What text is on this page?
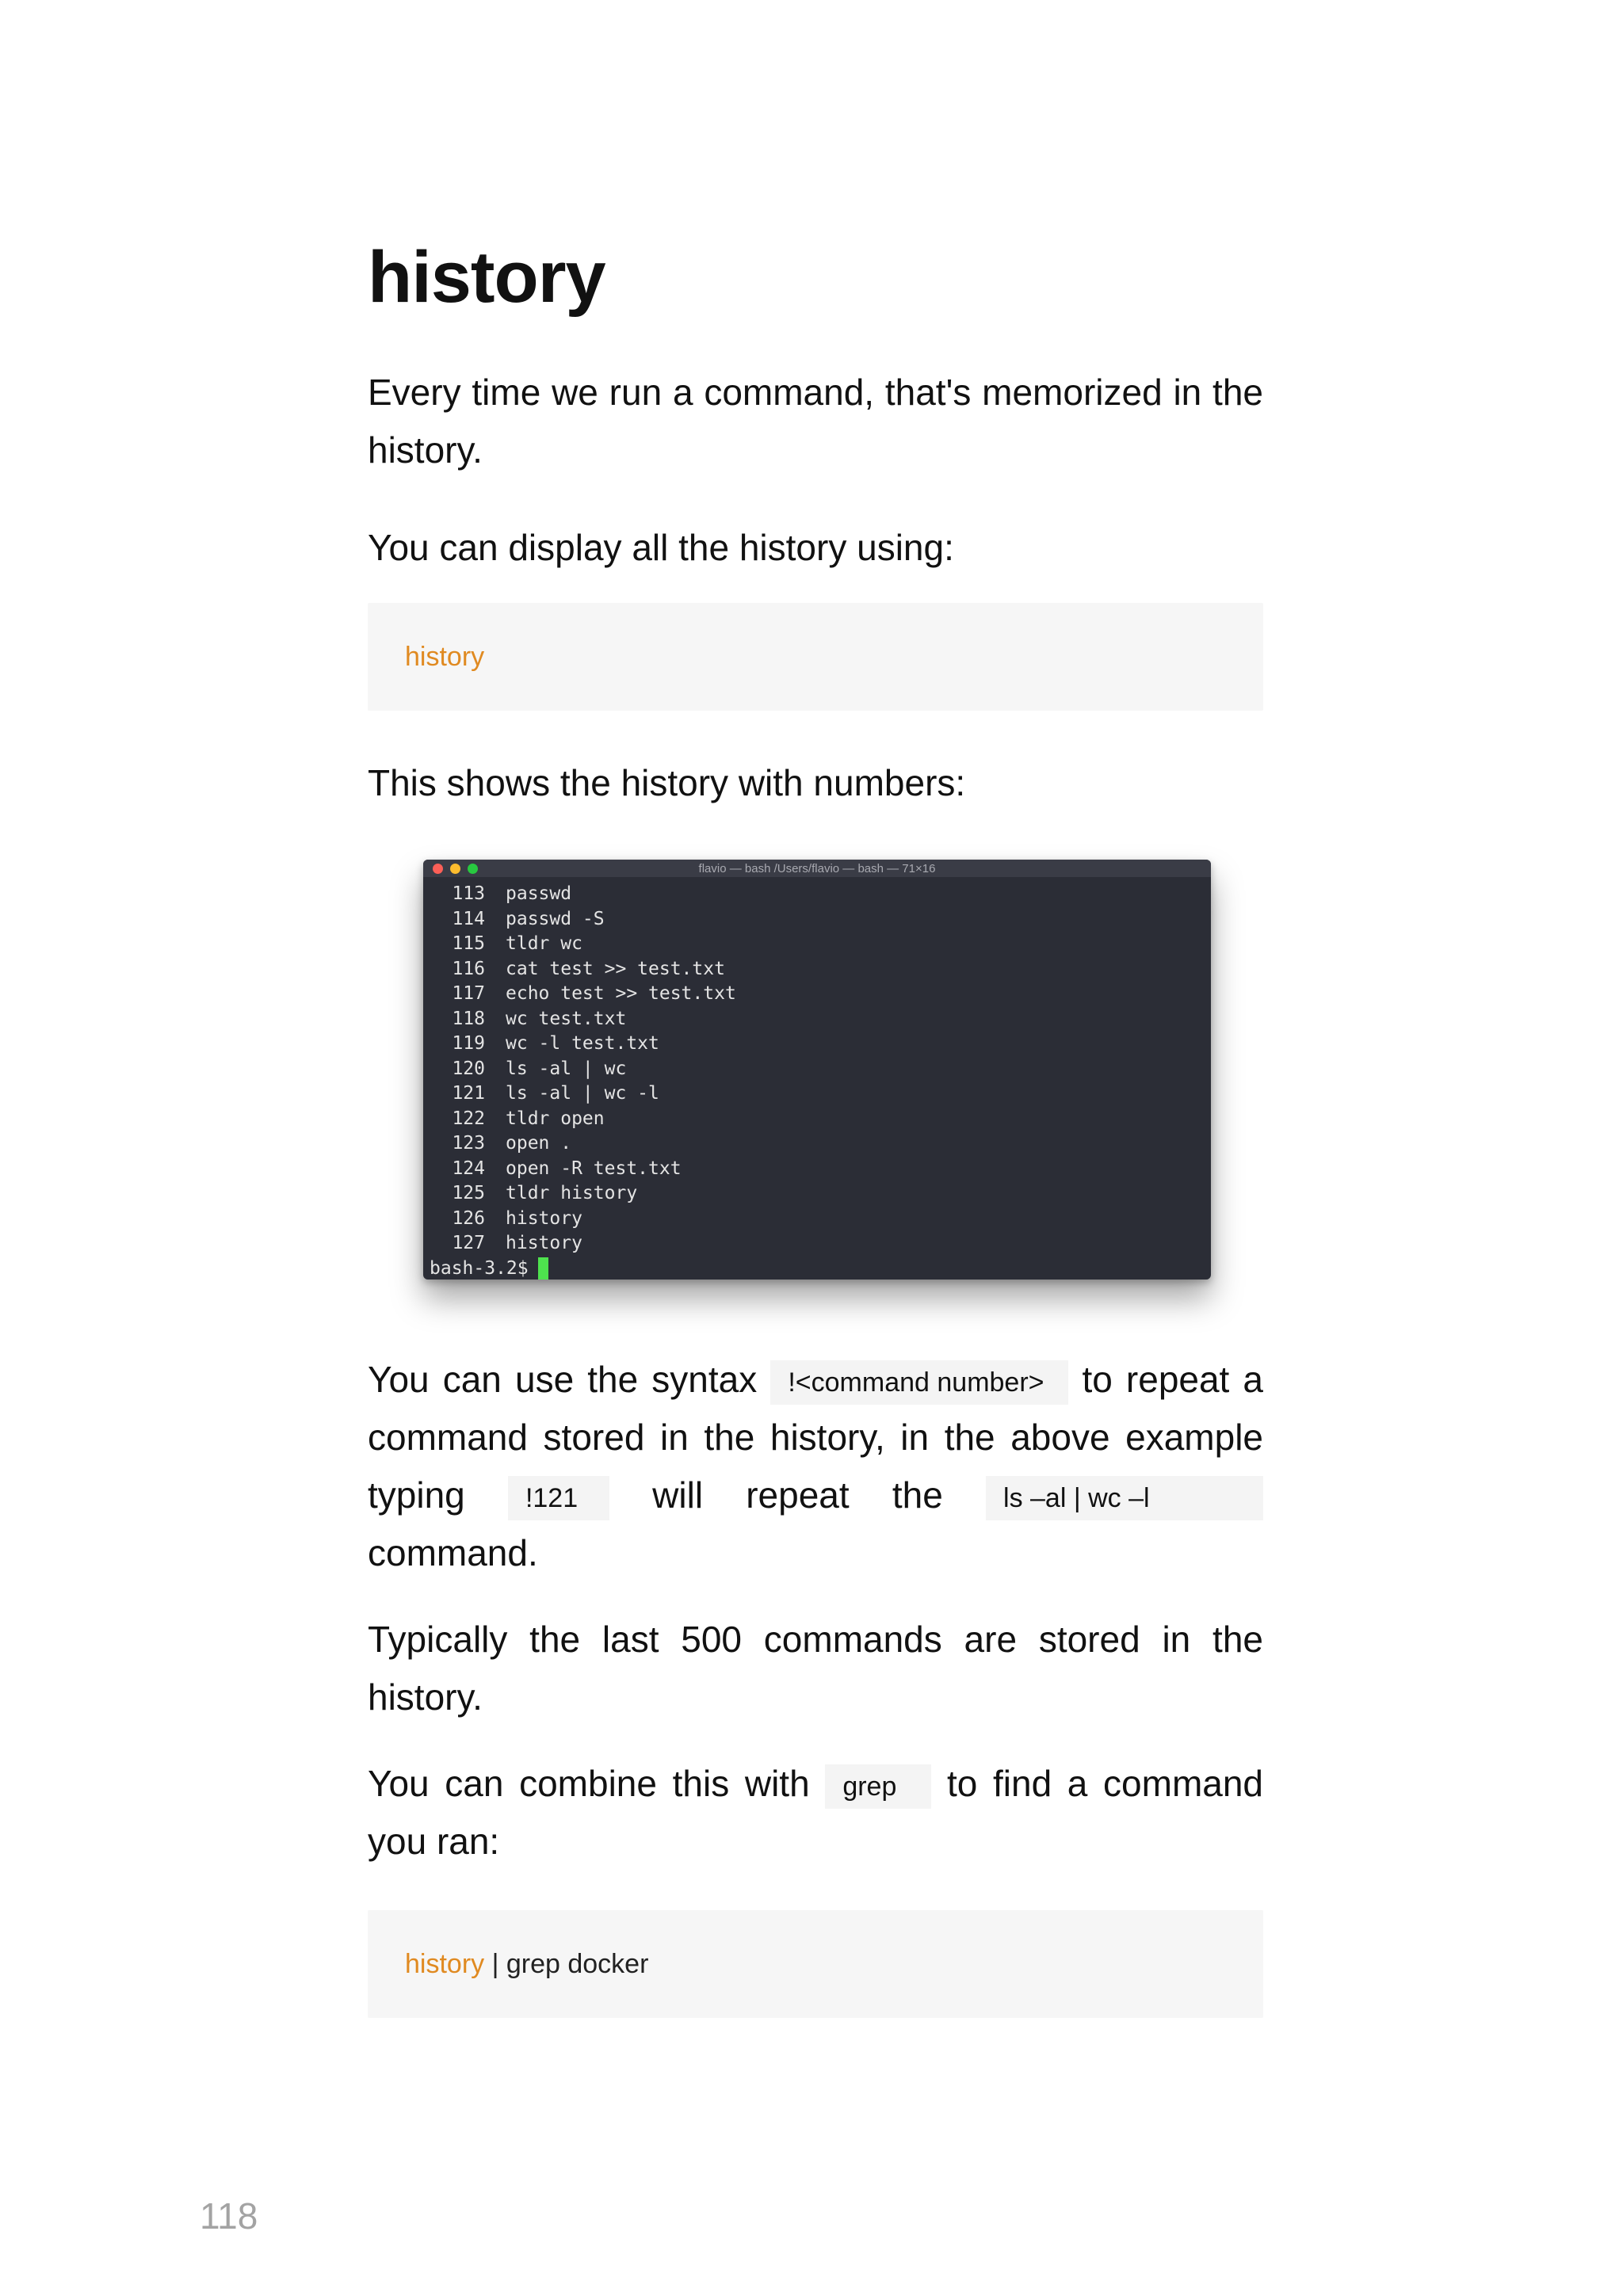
history

Every time we run a command, that's memorized in the history.

You can display all the history using:

history

This shows the history with numbers:

flavio — bash /Users/flavio — bash — 71×16
113 passwd
114 passwd -S
115 tldr wc
116 cat test >> test.txt
117 echo test >> test.txt
118 wc test.txt
119 wc -l test.txt
120 ls -al | wc
121 ls -al | wc -l
122 tldr open
123 open .
124 open -R test.txt
125 tldr history
126 history
127 history
bash-3.2$

You can use the syntax !<command number> to repeat a command stored in the history, in the above example typing !121 will repeat the ls –al | wc –l command.

Typically the last 500 commands are stored in the history.

You can combine this with grep to find a command you ran:

history | grep docker
118
